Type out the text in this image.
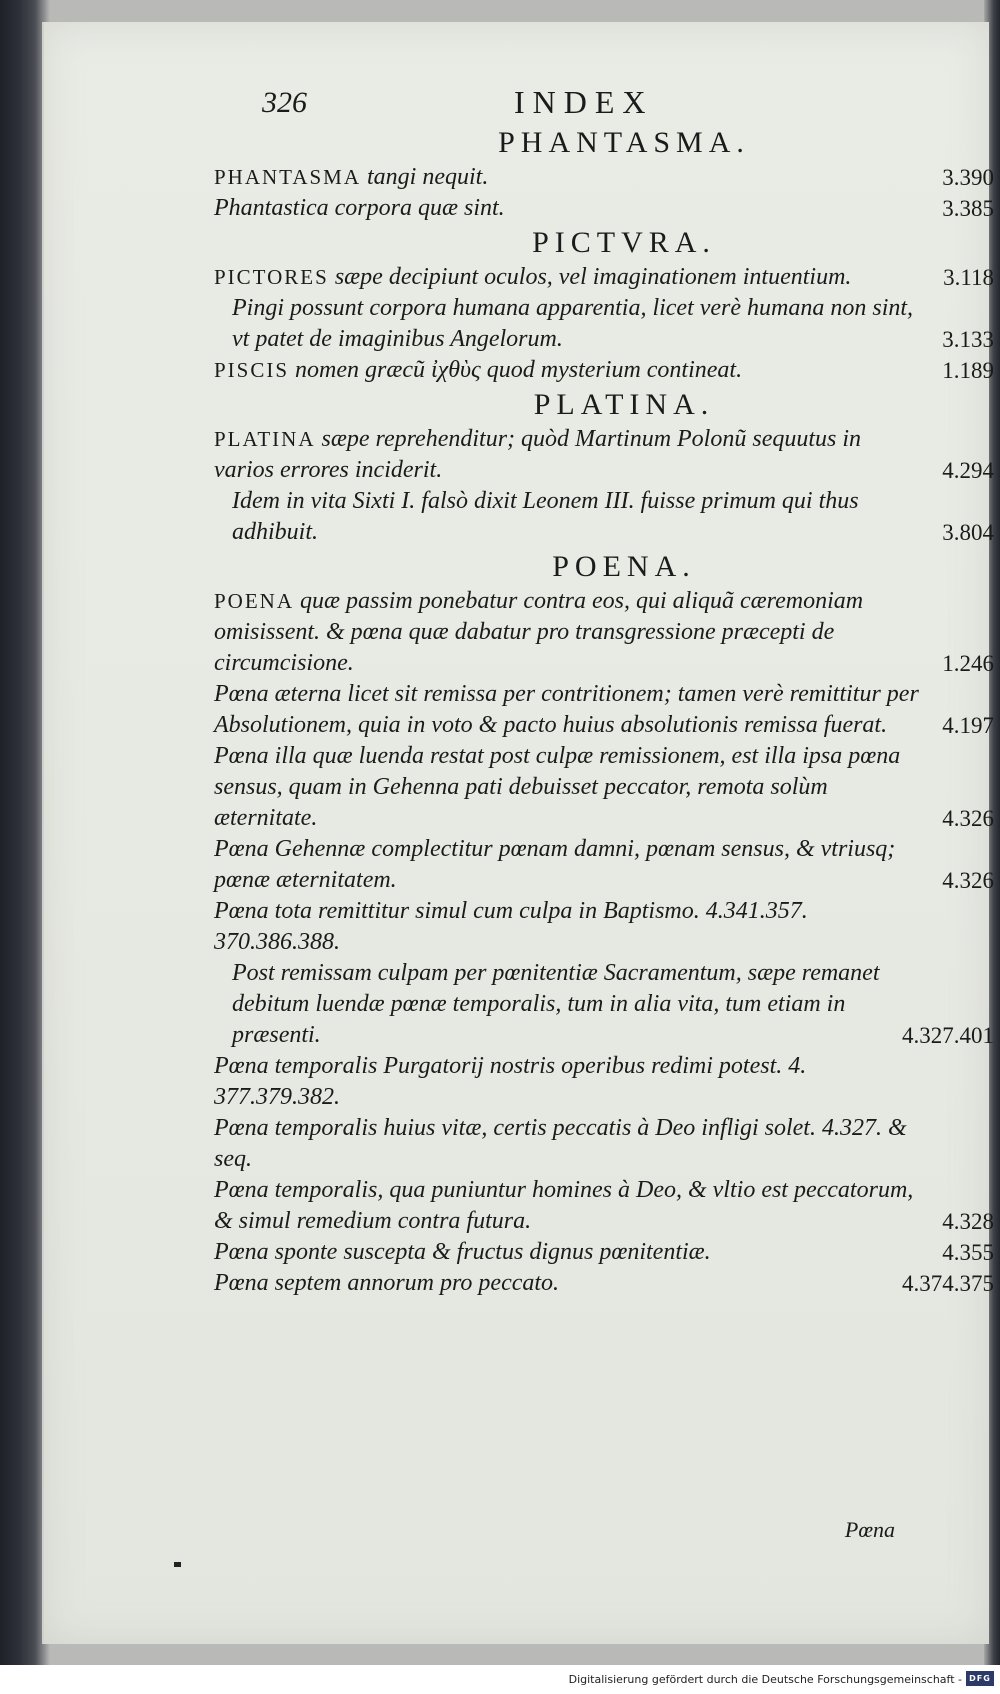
326	INDEX
PHANTASMA.

PHANTASMA tangi nequit.	3.390

Phantastica corpora quæ sint.	3.385

PICTVRA.

PICTORES sæpe decipiunt oculos, vel imaginationem intuentium.	3.118

Pingi possunt corpora humana apparentia, licet verè humana non sint, vt patet de imaginibus Angelorum.	3.133

PISCIS nomen græcũ ἰχθὺς quod mysterium contineat.	1.189

PLATINA.

PLATINA sæpe reprehenditur; quòd Martinum Polonũ sequutus in varios errores inciderit.	4.294

Idem in vita Sixti I. falsò dixit Leonem III. fuisse primum qui thus adhibuit.	3.804

POENA.

POENA quæ passim ponebatur contra eos, qui aliquã cæremoniam omisissent. & pœna quæ dabatur pro transgressione præcepti de circumcisione.	1.246

Pœna æterna licet sit remissa per contritionem; tamen verè remittitur per Absolutionem, quia in voto & pacto huius absolutionis remissa fuerat. 4.197

Pœna illa quæ luenda restat post culpæ remissionem, est illa ipsa pœna sensus, quam in Gehenna pati debuisset peccator, remota solùm æternitate.	4.326

Pœna Gehennæ complectitur pœnam damni, pœnam sensus, & vtriusq; pœnæ æternitatem.	4.326

Pœna tota remittitur simul cum culpa in Baptismo. 4.341.357. 370.386.388.

Post remissam culpam per pœnitentiæ Sacramentum, sæpe remanet debitum luendæ pœnæ temporalis, tum in alia vita, tum etiam in præsenti.	4.327.401

Pœna temporalis Purgatorij nostris operibus redimi potest. 4. 377.379.382.

Pœna temporalis huius vitæ, certis peccatis à Deo infligi solet. 4.327. & seq.

Pœna temporalis, qua puniuntur homines à Deo, & vltio est peccatorum, & simul remedium contra futura.	4.328

Pœna sponte suscepta & fructus dignus pœnitentiæ.	4.355

Pœna septem annorum pro peccato.	4.374.375

Pœna
Digitalisierung gefördert durch die Deutsche Forschungsgemeinschaft - DFG
